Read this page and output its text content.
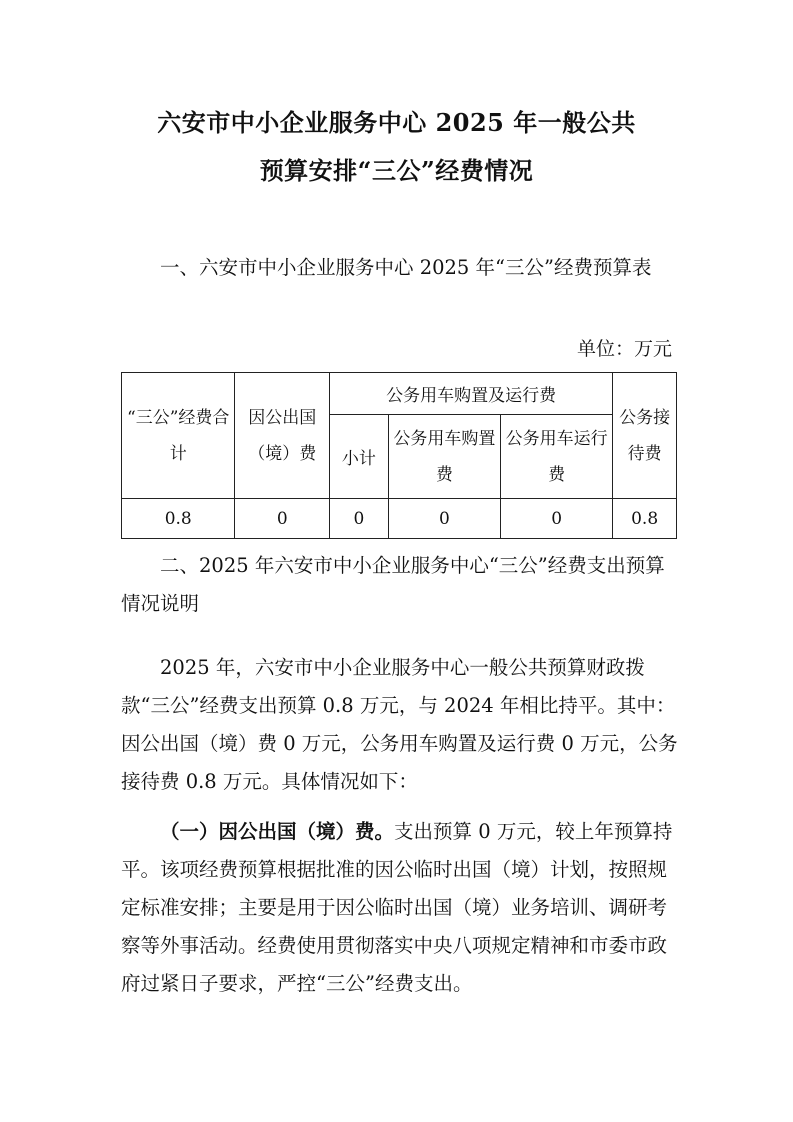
六安市中小企业服务中心 2025 年一般公共
预算安排“三公”经费情况
一、六安市中小企业服务中心 2025 年“三公”经费预算表
单位：万元
“三公”经费合计	因公出国（境）费	公务用车购置及运行费			公务接待费
		小计	公务用车购置费	公务用车运行费	
0.8	0	0	0	0	0.8
二、2025 年六安市中小企业服务中心“三公”经费支出预算情况说明
2025 年，六安市中小企业服务中心一般公共预算财政拨款“三公”经费支出预算 0.8 万元，与 2024 年相比持平。其中：因公出国（境）费 0 万元，公务用车购置及运行费 0 万元，公务接待费 0.8 万元。具体情况如下：
（一）因公出国（境）费。支出预算 0 万元，较上年预算持平。该项经费预算根据批准的因公临时出国（境）计划，按照规定标准安排；主要是用于因公临时出国（境）业务培训、调研考察等外事活动。经费使用贯彻落实中央八项规定精神和市委市政府过紧日子要求，严控“三公”经费支出。
